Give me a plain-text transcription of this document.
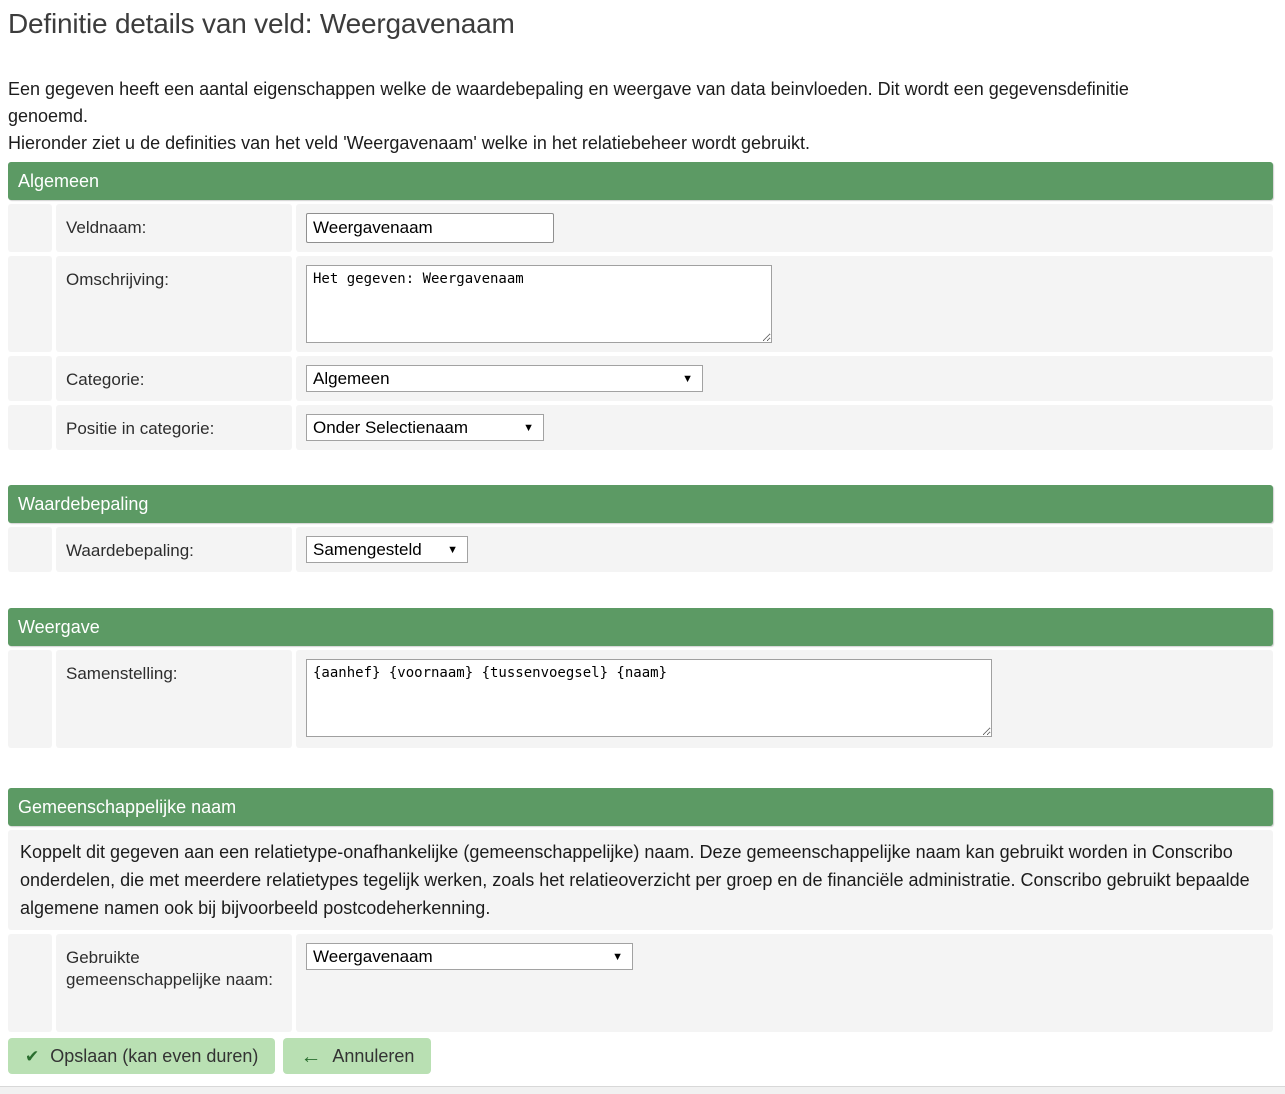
Definitie details van veld: Weergavenaam
Een gegeven heeft een aantal eigenschappen welke de waardebepaling en weergave van data beinvloeden. Dit wordt een gegevensdefinitie genoemd.
Hieronder ziet u de definities van het veld 'Weergavenaam' welke in het relatiebeheer wordt gebruikt.
Algemeen
Veldnaam:
Weergavenaam
Omschrijving:
Het gegeven: Weergavenaam
Categorie:	Algemeen	▼
Positie in categorie:	Onder Selectienaam	▼
Waardebepaling
Waardebepaling:	Samengesteld ▼
Weergave
Samenstelling:
{aanhef} {voornaam} {tussenvoegsel} {naam}
Gemeenschappelijke naam
Koppelt dit gegeven aan een relatietype-onafhankelijke (gemeenschappelijke) naam. Deze gemeenschappelijke naam kan gebruikt worden in Conscribo onderdelen, die met meerdere relatietypes tegelijk werken, zoals het relatieoverzicht per groep en de financiële administratie. Conscribo gebruikt bepaalde algemene namen ook bij bijvoorbeeld postcodeherkenning.
Gebruikte gemeenschappelijke naam:
Weergavenaam	▼
✔ Opslaan (kan even duren) ← Annuleren
